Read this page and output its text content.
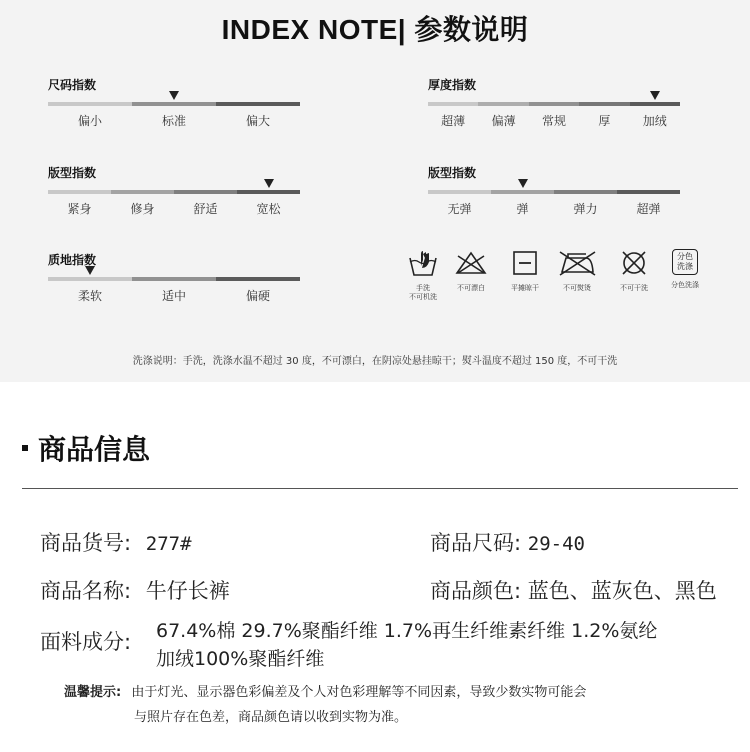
INDEX NOTE| 参数说明
尺码指数
偏小	标准	偏大
厚度指数
超薄 偏薄 常规	厚	加绒
版型指数
紧身	修身	舒适	宽松
版型指数
无弹	弹	弹力	超弹
质地指数
柔软	适中	偏硬
手洗
不可机洗
不可漂白	平摊晾干	不可熨烫	不可干洗
分色
洗涤
分色洗涤
洗涤说明：手洗，洗涤水温不超过 30 度，不可漂白，在阴凉处悬挂晾干；熨斗温度不超过 150 度，不可干洗
商品信息
商品货号: 277#	商品尺码: 29-40
商品名称: 牛仔长裤	商品颜色: 蓝色、蓝灰色、黑色
面料成分: 67.4%棉 29.7%聚酯纤维 1.7%再生纤维素纤维 1.2%氨纶
加绒100%聚酯纤维
温馨提示: 由于灯光、显示器色彩偏差及个人对色彩理解等不同因素，导致少数实物可能会
与照片存在色差，商品颜色请以收到实物为准。
